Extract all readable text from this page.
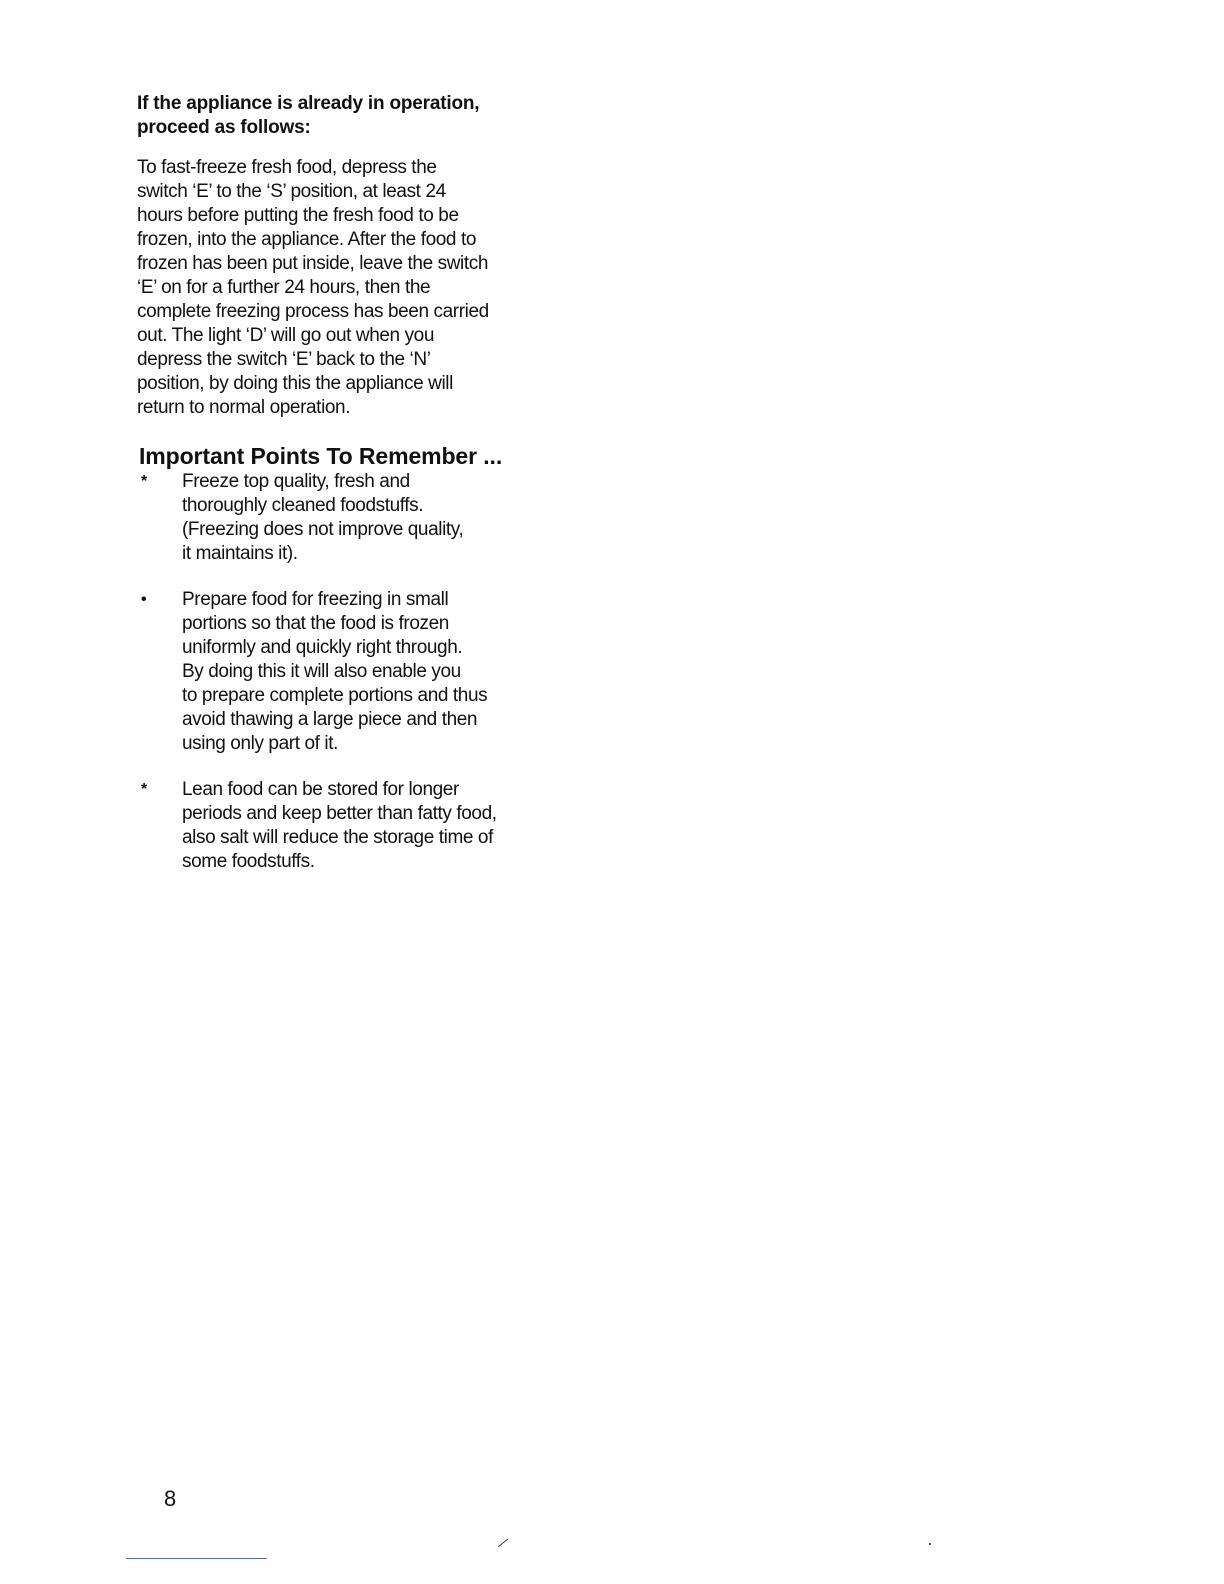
If the appliance is already in operation,
proceed as follows:

To fast-freeze fresh food, depress the
switch ‘E’ to the ‘S’ position, at least 24
hours before putting the fresh food to be
frozen, into the appliance. After the food to
frozen has been put inside, leave the switch
‘E’ on for a further 24 hours, then the
complete freezing process has been carried
out. The light ‘D’ will go out when you
depress the switch ‘E’ back to the ‘N’
position, by doing this the appliance will
return to normal operation.

Important Points To Remember ...
* Freeze top quality, fresh and
thoroughly cleaned foodstuffs.
(Freezing does not improve quality,
it maintains it).
• Prepare food for freezing in small
portions so that the food is frozen
uniformly and quickly right through.
By doing this it will also enable you
to prepare complete portions and thus
avoid thawing a large piece and then
using only part of it.
* Lean food can be stored for longer
periods and keep better than fatty food,
also salt will reduce the storage time of
some foodstuffs.
8
